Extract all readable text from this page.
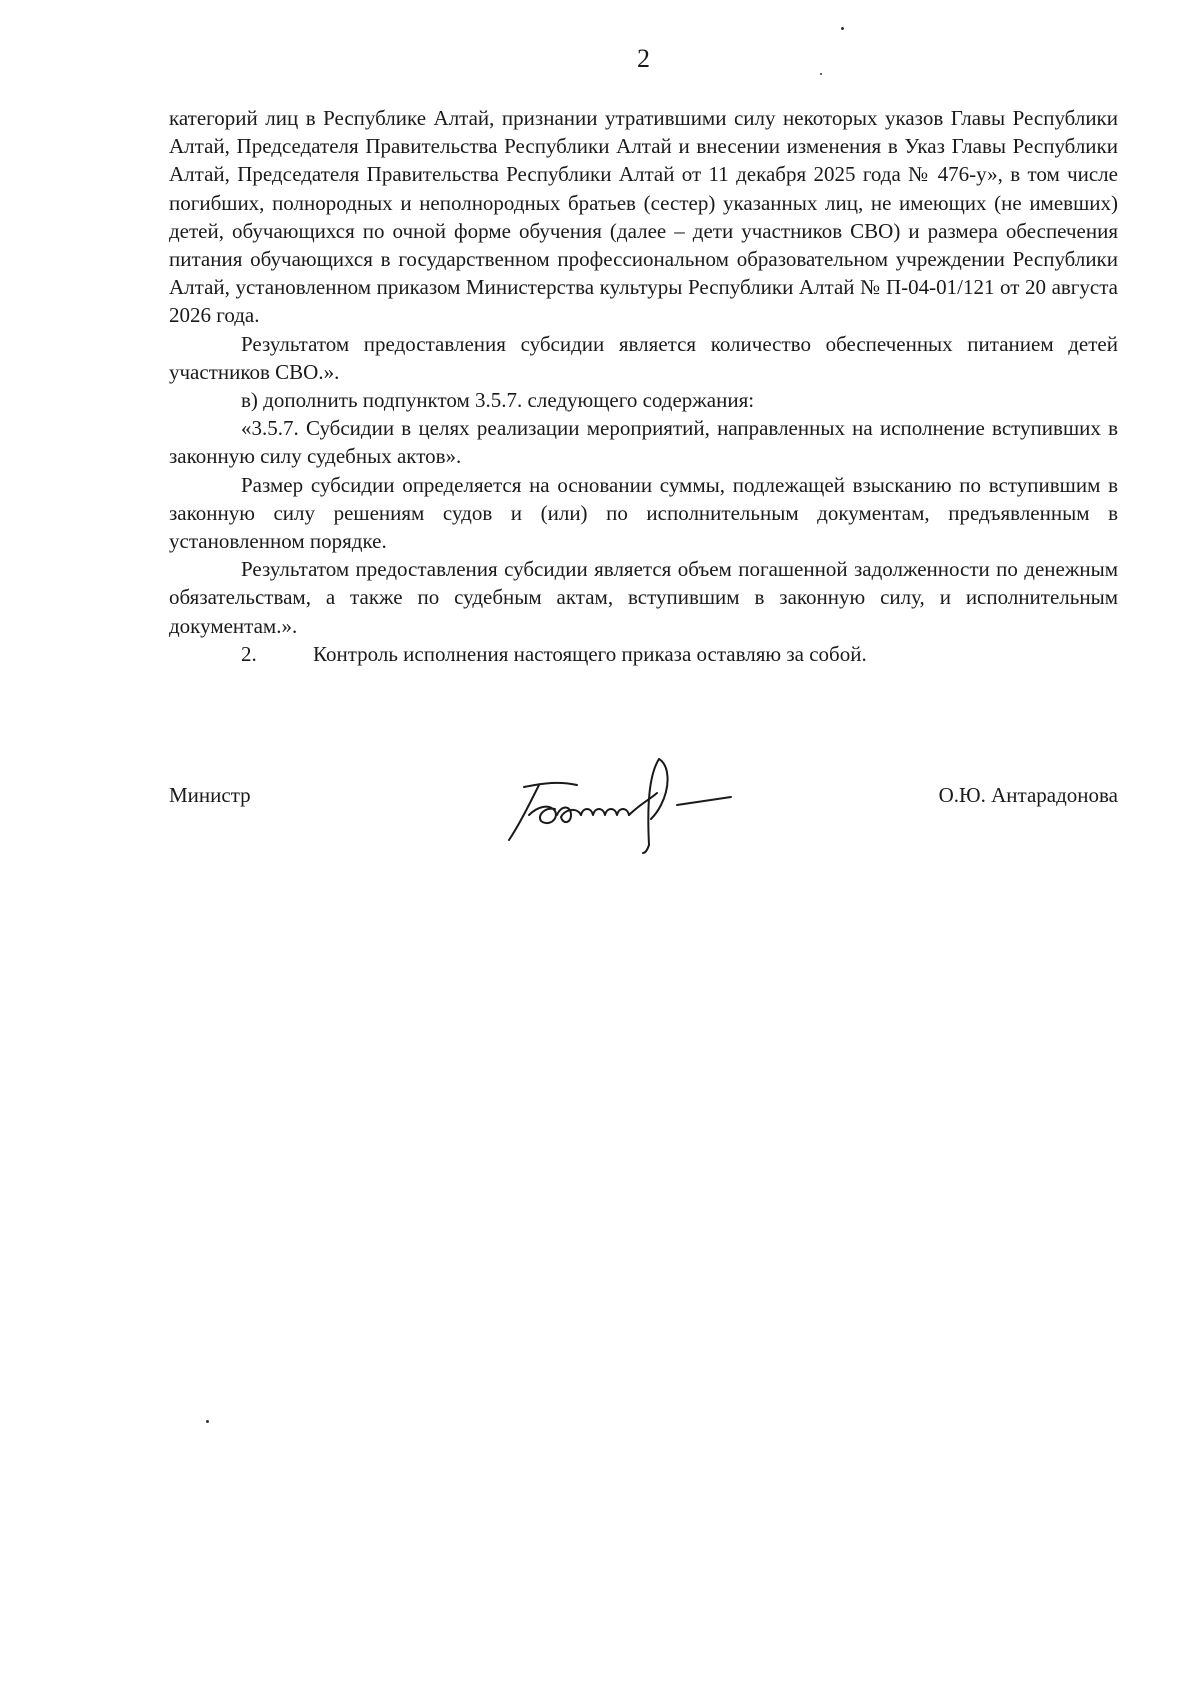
2

категорий лиц в Республике Алтай, признании утратившими силу некоторых указов Главы Республики Алтай, Председателя Правительства Республики Алтай и внесении изменения в Указ Главы Республики Алтай, Председателя Правительства Республики Алтай от 11 декабря 2025 года № 476-у», в том числе погибших, полнородных и неполнородных братьев (сестер) указанных лиц, не имеющих (не имевших) детей, обучающихся по очной форме обучения (далее – дети участников СВО) и размера обеспечения питания обучающихся в государственном профессиональном образовательном учреждении Республики Алтай, установленном приказом Министерства культуры Республики Алтай № П-04-01/121 от 20 августа 2026 года.

Результатом предоставления субсидии является количество обеспеченных питанием детей участников СВО.».

в) дополнить подпунктом 3.5.7. следующего содержания:

«3.5.7. Субсидии в целях реализации мероприятий, направленных на исполнение вступивших в законную силу судебных актов».

Размер субсидии определяется на основании суммы, подлежащей взысканию по вступившим в законную силу решениям судов и (или) по исполнительным документам, предъявленным в установленном порядке.

Результатом предоставления субсидии является объем погашенной задолженности по денежным обязательствам, а также по судебным актам, вступившим в законную силу, и исполнительным документам.».

2.	Контроль исполнения настоящего приказа оставляю за собой.
Министр	О.Ю. Антарадонова
